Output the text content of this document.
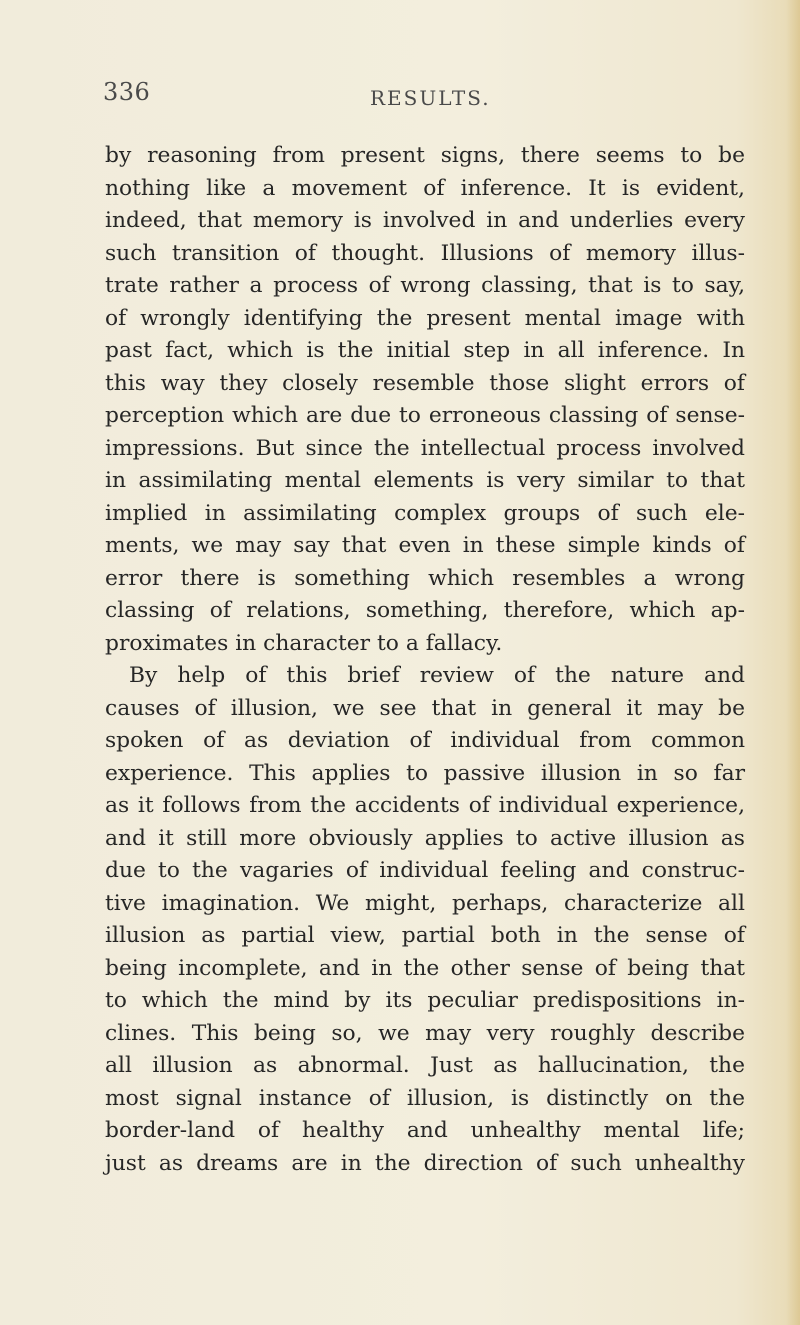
336	RESULTS.
by reasoning from present signs, there seems to be
nothing like a movement of inference. It is evident,
indeed, that memory is involved in and underlies every
such transition of thought. Illusions of memory illus-
trate rather a process of wrong classing, that is to say,
of wrongly identifying the present mental image with
past fact, which is the initial step in all inference. In
this way they closely resemble those slight errors of
perception which are due to erroneous classing of sense-
impressions. But since the intellectual process involved
in assimilating mental elements is very similar to that
implied in assimilating complex groups of such ele-
ments, we may say that even in these simple kinds of
error there is something which resembles a wrong
classing of relations, something, therefore, which ap-
proximates in character to a fallacy.
By help of this brief review of the nature and
causes of illusion, we see that in general it may be
spoken of as deviation of individual from common
experience. This applies to passive illusion in so far
as it follows from the accidents of individual experience,
and it still more obviously applies to active illusion as
due to the vagaries of individual feeling and construc-
tive imagination. We might, perhaps, characterize all
illusion as partial view, partial both in the sense of
being incomplete, and in the other sense of being that
to which the mind by its peculiar predispositions in-
clines. This being so, we may very roughly describe
all illusion as abnormal. Just as hallucination, the
most signal instance of illusion, is distinctly on the
border-land of healthy and unhealthy mental life;
just as dreams are in the direction of such unhealthy
